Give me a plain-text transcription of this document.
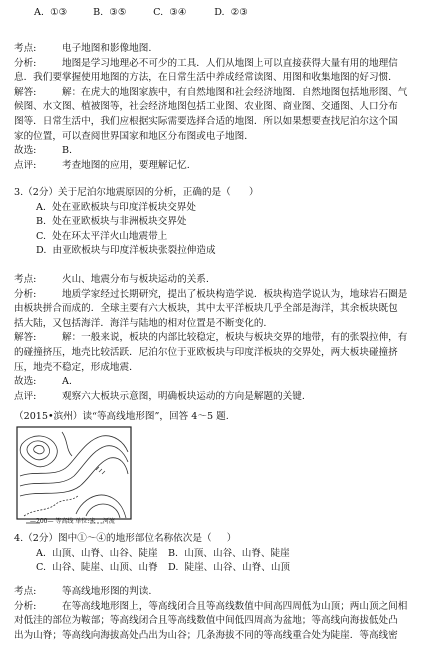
A.  ①③	B.  ③⑤	C.  ③④	D.  ②③
考点:	电子地图和影像地图.
分析:	地图是学习地理必不可少的工具．人们从地图上可以直接获得大量有用的地理信
息．我们要掌握使用地图的方法，在日常生活中养成经常读图、用图和收集地图的好习惯．
解答:	解：在虎大的地图家族中，有自然地图和社会经济地图．自然地图包括地形图、气
候图、水文图、植被图等，社会经济地图包括工业图、农业图、商业图、交通图、人口分布
图等．日常生活中，我们应根据实际需要选择合适的地图．所以如果想要查找尼泊尔这个国
家的位置，可以查阅世界国家和地区分布图或电子地图．
故选:	B.
点评:	考查地图的应用，要理解记忆.
3.（2分）关于尼泊尔地震原因的分析，正确的是（      ）
A.  处在亚欧板块与印度洋板块交界处
B.  处在亚欧板块与非洲板块交界处
C.  处在环太平洋火山地震带上
D.  由亚欧板块与印度洋板块张裂拉伸造成
考点:	火山、地震分布与板块运动的关系.
分析:	地质学家经过长期研究，提出了板块构造学说．板块构造学说认为，地球岩石圈是
由板块拼合而成的．全球主要有六大板块，其中太平洋板块几乎全部是海洋，其余板块既包
括大陆，又包括海洋．海洋与陆地的相对位置是不断变化的.
解答:	解：一般来说，板块的内部比较稳定，板块与板块交界的地带，有的张裂拉伸，有
的碰撞挤压，地壳比较活跃．尼泊尔位于亚欧板块与印度洋板块的交界处，两大板块碰撞挤
压，地壳不稳定，形成地震．
故选:	A.
点评:	观察六大板块示意图，明确板块运动的方向是解题的关键.
（2015•滨州）读“等高线地形图”，回答 4～5 题.
—200— 等高线 单位:米    河流
4.（2分）图中①～④的地形部位名称依次是（     ）
A.  山顶、山脊、山谷、陡崖 B.  山顶、山谷、山脊、陡崖
C.  山谷、陡崖、山顶、山脊 D.  陡崖、山谷、山脊、山顶
考点:	等高线地形图的判读.
分析:	在等高线地形图上，等高线闭合且等高线数值中间高四周低为山顶；两山顶之间相
对低洼的部位为鞍部；等高线闭合且等高线数值中间低四周高为盆地；等高线向海拔低处凸
出为山脊；等高线向海拔高处凸出为山谷；几条海拔不同的等高线重合处为陡崖．等高线密
